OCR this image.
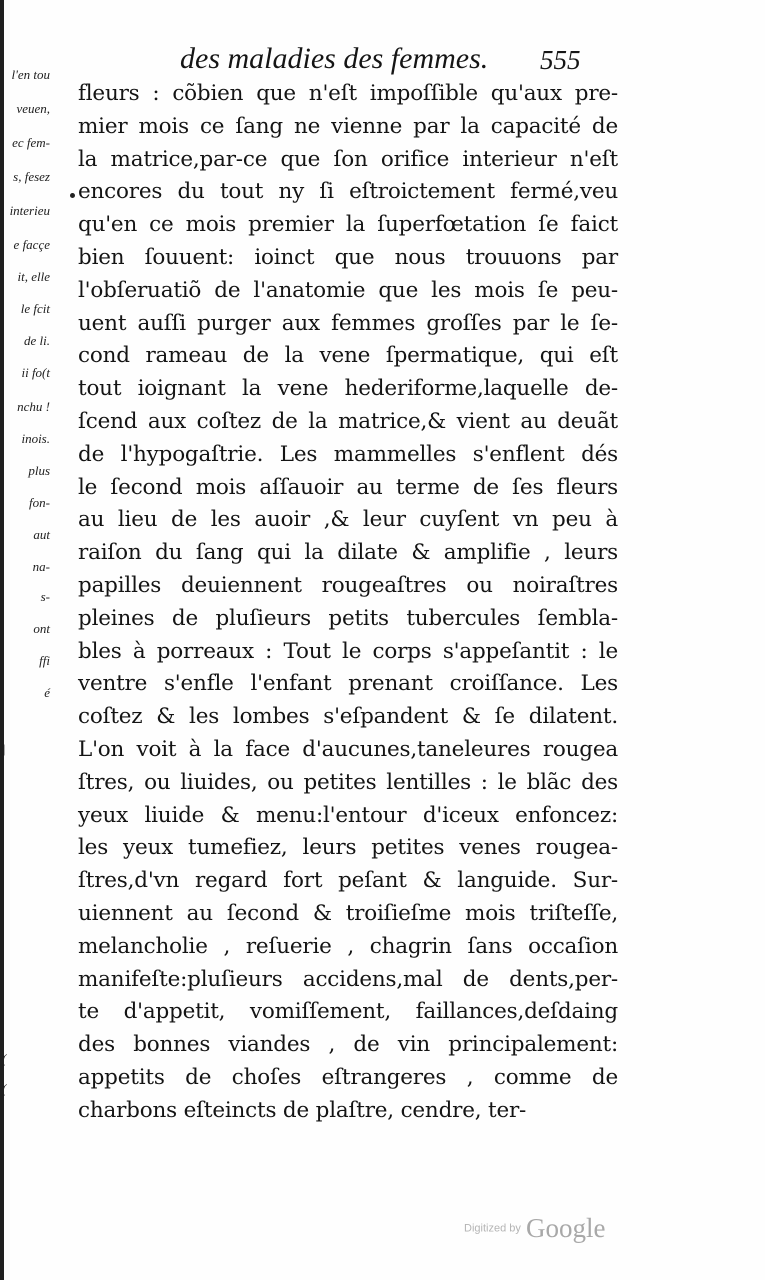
l'en tou
veuen,
ec fem-
s, fesez
interieu
e facçe
it, elle
le fcit
de li.
ii fo(t
nchu !
inois.
plus
fon-
aut
na-
s-
ont
ffi
é
(
(
|
des maladies des femmes. 555
fleurs : cõbien que n'eſt impoſſible qu'aux pre-
mier mois ce ſang ne vienne par la capacité de
la matrice,par-ce que ſon orifice interieur n'eſt
encores du tout ny ſi eſtroictement fermé,veu
qu'en ce mois premier la ſuperfœtation ſe faict
bien ſouuent: ioinct que nous trouuons par
l'obſeruatiõ de l'anatomie que les mois ſe peu-
uent auſſi purger aux femmes groſſes par le ſe-
cond rameau de la vene ſpermatique, qui eſt
tout ioignant la vene hederiforme,laquelle de-
ſcend aux coſtez de la matrice,& vient au deuãt
de l'hypogaſtrie. Les mammelles s'enflent dés
le ſecond mois aſſauoir au terme de ſes fleurs
au lieu de les auoir ,& leur cuyſent vn peu à
raiſon du ſang qui la dilate & amplifie , leurs
papilles deuiennent rougeaſtres ou noiraſtres
pleines de pluſieurs petits tubercules ſembla-
bles à porreaux : Tout le corps s'appeſantit : le
ventre s'enfle l'enfant prenant croiſſance. Les
coſtez & les lombes s'eſpandent & ſe dilatent.
L'on voit à la face d'aucunes,taneleures rougea
ſtres, ou liuides, ou petites lentilles : le blãc des
yeux liuide & menu:l'entour d'iceux enfoncez:
les yeux tumefiez, leurs petites venes rougea-
ſtres,d'vn regard fort peſant & languide. Sur-
uiennent au ſecond & troiſieſme mois triſteſſe,
melancholie , reſuerie , chagrin ſans occaſion
manifeſte:pluſieurs accidens,mal de dents,per-
te d'appetit, vomiſſement, faillances,deſdaing
des bonnes viandes , de vin principalement:
appetits de choſes eſtrangeres , comme de
charbons eſteincts de plaſtre, cendre, ter-
Digitized by Google
